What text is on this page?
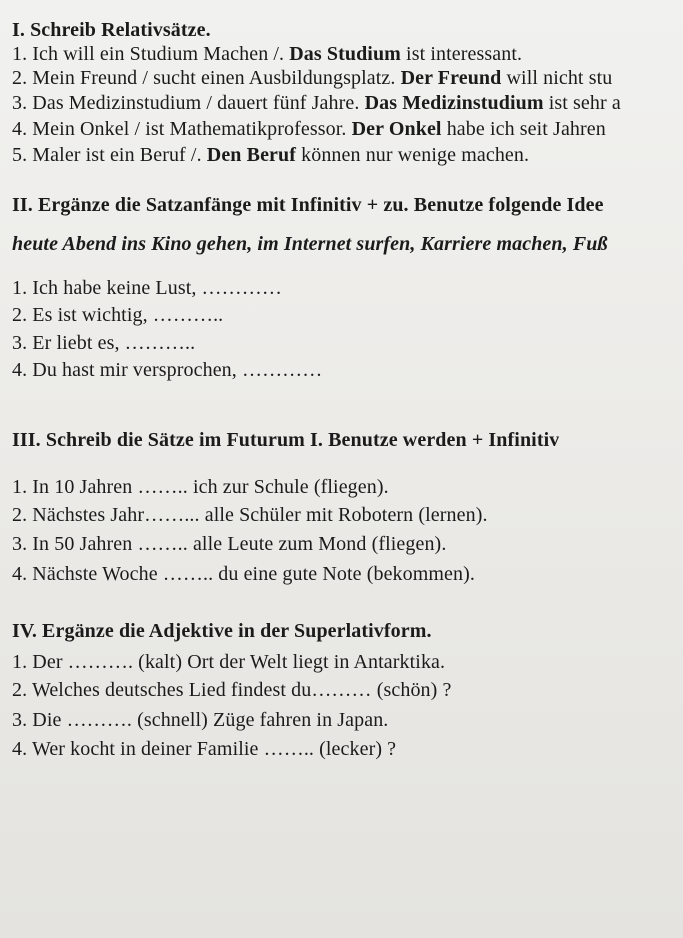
I. Schreib Relativsätze.
1. Ich will ein Studium Machen /. Das Studium ist interessant.
2. Mein Freund / sucht einen Ausbildungsplatz. Der Freund will nicht stu
3. Das Medizinstudium / dauert fünf Jahre. Das Medizinstudium ist sehr a
4. Mein Onkel / ist Mathematikprofessor. Der Onkel habe ich seit Jahren
5. Maler ist ein Beruf /. Den Beruf können nur wenige machen.
II. Ergänze die Satzanfänge mit Infinitiv + zu. Benutze folgende Idee
heute Abend ins Kino gehen, im Internet surfen, Karriere machen, Fuß
1. Ich habe keine Lust, …………
2. Es ist wichtig, ………..
3. Er liebt es, ………..
4. Du hast mir versprochen, …………
III. Schreib die Sätze im Futurum I. Benutze werden + Infinitiv
1. In 10 Jahren …….. ich zur Schule (fliegen).
2. Nächstes Jahr……... alle Schüler mit Robotern (lernen).
3. In 50 Jahren …….. alle Leute zum Mond (fliegen).
4. Nächste Woche …….. du eine gute Note (bekommen).
IV. Ergänze die Adjektive in der Superlativform.
1. Der ………. (kalt) Ort der Welt liegt in Antarktika.
2. Welches deutsches Lied findest du……… (schön) ?
3. Die ………. (schnell) Züge fahren in Japan.
4. Wer kocht in deiner Familie …….. (lecker) ?
